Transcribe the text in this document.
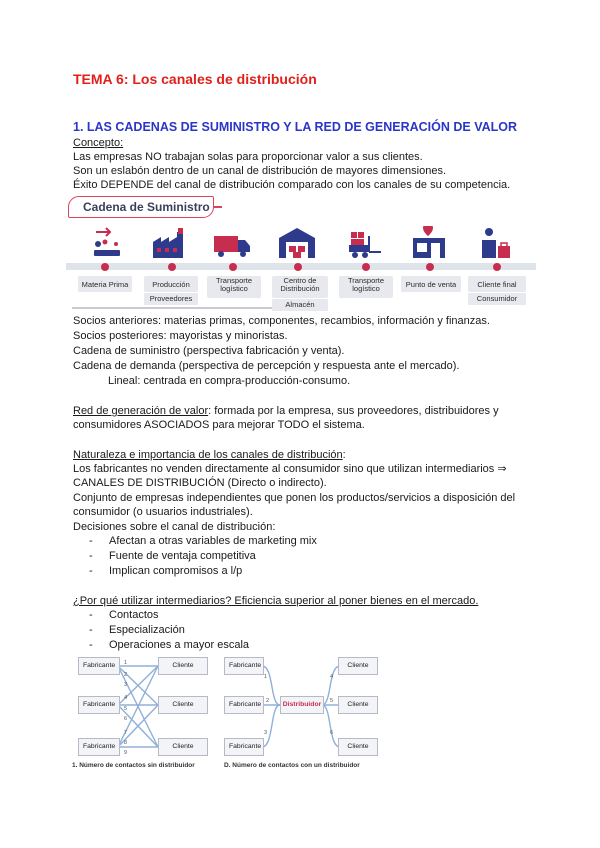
TEMA 6: Los canales de distribución
1. LAS CADENAS DE SUMINISTRO Y LA RED DE GENERACIÓN DE VALOR
Concepto:
Las empresas NO trabajan solas para proporcionar valor a sus clientes.
Son un eslabón dentro de un canal de distribución de mayores dimensiones.
Éxito DEPENDE del canal de distribución comparado con los canales de su competencia.
Cadena de Suministro
Materia Prima	Producción
Proveedores
Transporte logístico
Centro de Distribución
Almacén
Transporte logístico	Punto de venta	Cliente final
Consumidor
Socios anteriores: materias primas, componentes, recambios, información y finanzas.
Socios posteriores: mayoristas y minoristas.
Cadena de suministro (perspectiva fabricación y venta).
Cadena de demanda (perspectiva de percepción y respuesta ante el mercado).
Lineal: centrada en compra-producción-consumo.
Red de generación de valor: formada por la empresa, sus proveedores, distribuidores y
consumidores ASOCIADOS para mejorar TODO el sistema.
Naturaleza e importancia de los canales de distribución:
Los fabricantes no venden directamente al consumidor sino que utilizan intermediarios ⇒
CANALES DE DISTRIBUCIÓN (Directo o indirecto).
Conjunto de empresas independientes que ponen los productos/servicios a disposición del
consumidor (o usuarios industriales).
Decisiones sobre el canal de distribución:
- Afectan a otras variables de marketing mix
- Fuente de ventaja competitiva
- Implican compromisos a l/p
¿Por qué utilizar intermediarios? Eficiencia superior al poner bienes en el mercado.
- Contactos
- Especialización
- Operaciones a mayor escala
Fabricante
Fabricante
Fabricante
Cliente
Cliente
Cliente
1
2
3
4
5
6
7
8
9
1. Número de contactos sin distribuidor
Fabricante
Fabricante
Fabricante
Distribuidor
Cliente
Cliente
Cliente
1
2
3
4
5
6
D. Número de contactos con un distribuidor
